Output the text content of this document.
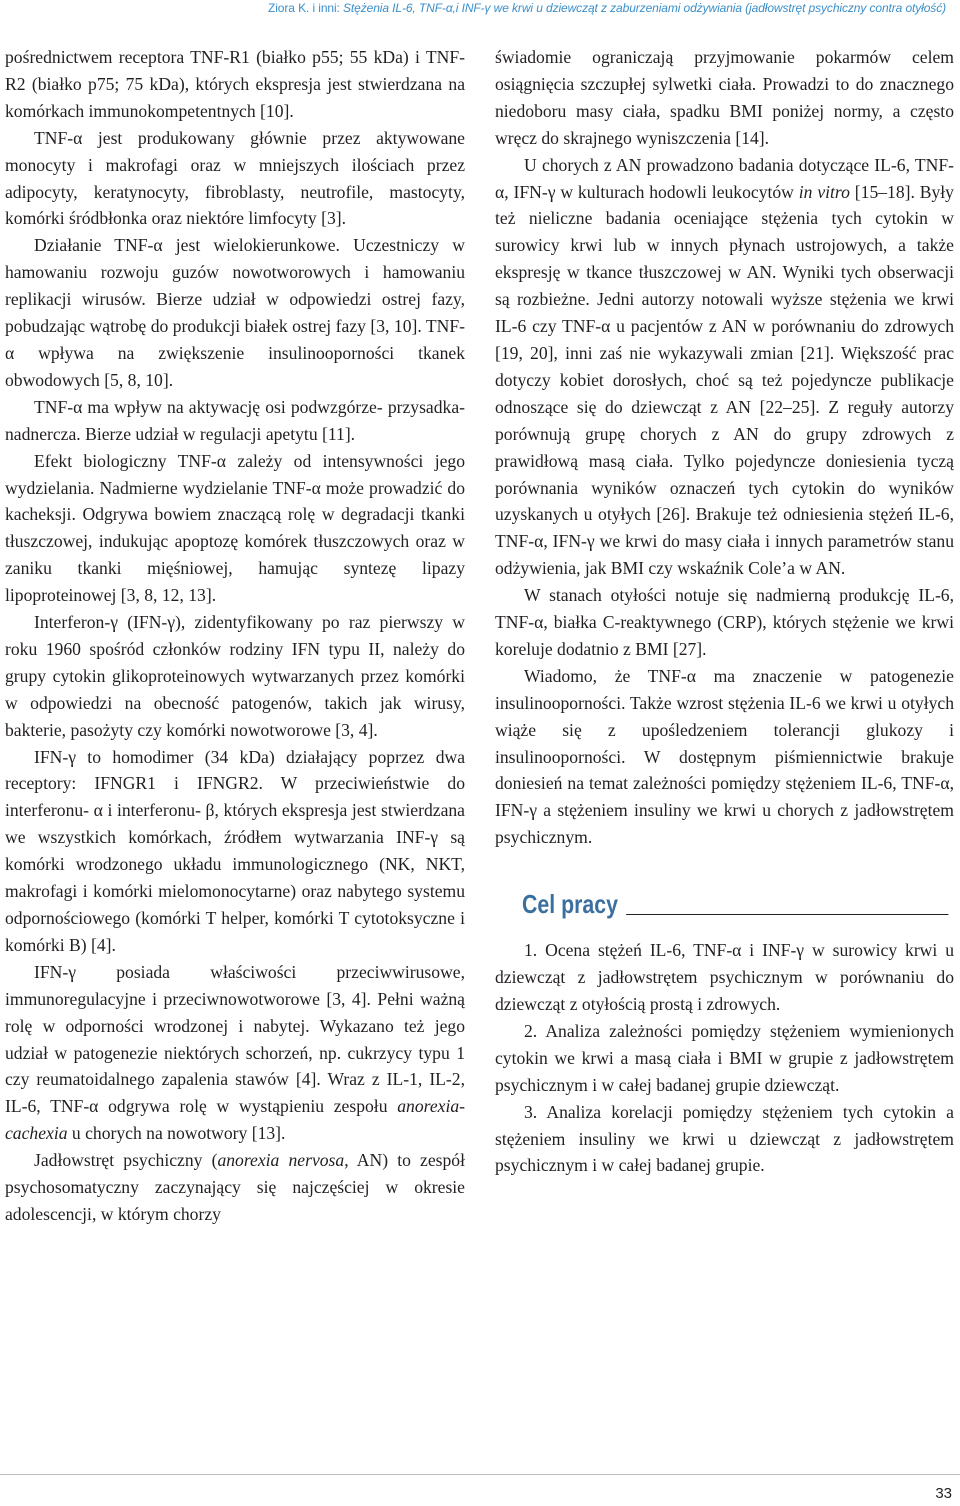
Ziora K. i inni: Stężenia IL-6, TNF-α,i INF-γ we krwi u dziewcząt z zaburzeniami odżywiania (jadłowstręt psychiczny contra otyłość)

pośrednictwem receptora TNF-R1 (białko p55; 55 kDa) i TNF-R2 (białko p75; 75 kDa), których ekspresja jest stwierdzana na komórkach immunokompetentnych [10].

TNF-α jest produkowany głównie przez aktywowane monocyty i makrofagi oraz w mniejszych ilościach przez adipocyty, keratynocyty, fibroblasty, neutrofile, mastocyty, komórki śródbłonka oraz niektóre limfocyty [3].

Działanie TNF-α jest wielokierunkowe. Uczestniczy w hamowaniu rozwoju guzów nowotworowych i hamowaniu replikacji wirusów. Bierze udział w odpowiedzi ostrej fazy, pobudzając wątrobę do produkcji białek ostrej fazy [3, 10]. TNF-α wpływa na zwiększenie insulinooporności tkanek obwodowych [5, 8, 10].

TNF-α ma wpływ na aktywację osi podwzgórze- przysadka- nadnercza. Bierze udział w regulacji apetytu [11].

Efekt biologiczny TNF-α zależy od intensywności jego wydzielania. Nadmierne wydzielanie TNF-α może prowadzić do kacheksji. Odgrywa bowiem znaczącą rolę w degradacji tkanki tłuszczowej, indukując apoptozę komórek tłuszczowych oraz w zaniku tkanki mięśniowej, hamując syntezę lipazy lipoproteinowej [3, 8, 12, 13].

Interferon-γ (IFN-γ), zidentyfikowany po raz pierwszy w roku 1960 spośród członków rodziny IFN typu II, należy do grupy cytokin glikoproteinowych wytwarzanych przez komórki w odpowiedzi na obecność patogenów, takich jak wirusy, bakterie, pasożyty czy komórki nowotworowe [3, 4].

IFN-γ to homodimer (34 kDa) działający poprzez dwa receptory: IFNGR1 i IFNGR2. W przeciwieństwie do interferonu- α i interferonu- β, których ekspresja jest stwierdzana we wszystkich komórkach, źródłem wytwarzania INF-γ są komórki wrodzonego układu immunologicznego (NK, NKT, makrofagi i komórki mielomonocytarne) oraz nabytego systemu odpornościowego (komórki T helper, komórki T cytotoksyczne i komórki B) [4].

IFN-γ posiada właściwości przeciwwirusowe, immunoregulacyjne i przeciwnowotworowe [3, 4]. Pełni ważną rolę w odporności wrodzonej i nabytej. Wykazano też jego udział w patogenezie niektórych schorzeń, np. cukrzycy typu 1 czy reumatoidalnego zapalenia stawów [4]. Wraz z IL-1, IL-2, IL-6, TNF-α odgrywa rolę w wystąpieniu zespołu anorexia-cachexia u chorych na nowotwory [13].

Jadłowstręt psychiczny (anorexia nervosa, AN) to zespół psychosomatyczny zaczynający się najczęściej w okresie adolescencji, w którym chorzy

świadomie ograniczają przyjmowanie pokarmów celem osiągnięcia szczupłej sylwetki ciała. Prowadzi to do znacznego niedoboru masy ciała, spadku BMI poniżej normy, a często wręcz do skrajnego wyniszczenia [14].

U chorych z AN prowadzono badania dotyczące IL-6, TNF-α, IFN-γ w kulturach hodowli leukocytów in vitro [15–18]. Były też nieliczne badania oceniające stężenia tych cytokin w surowicy krwi lub w innych płynach ustrojowych, a także ekspresję w tkance tłuszczowej w AN. Wyniki tych obserwacji są rozbieżne. Jedni autorzy notowali wyższe stężenia we krwi IL-6 czy TNF-α u pacjentów z AN w porównaniu do zdrowych [19, 20], inni zaś nie wykazywali zmian [21]. Większość prac dotyczy kobiet dorosłych, choć są też pojedyncze publikacje odnoszące się do dziewcząt z AN [22–25]. Z reguły autorzy porównują grupę chorych z AN do grupy zdrowych z prawidłową masą ciała. Tylko pojedyncze doniesienia tyczą porównania wyników oznaczeń tych cytokin do wyników uzyskanych u otyłych [26]. Brakuje też odniesienia stężeń IL-6, TNF-α, IFN-γ we krwi do masy ciała i innych parametrów stanu odżywienia, jak BMI czy wskaźnik Cole’a w AN.

W stanach otyłości notuje się nadmierną produkcję IL-6, TNF-α, białka C-reaktywnego (CRP), których stężenie we krwi koreluje dodatnio z BMI [27].

Wiadomo, że TNF-α ma znaczenie w patogenezie insulinooporności. Także wzrost stężenia IL-6 we krwi u otyłych wiąże się z upośledzeniem tolerancji glukozy i insulinooporności. W dostępnym piśmiennictwie brakuje doniesień na temat zależności pomiędzy stężeniem IL-6, TNF-α, IFN-γ a stężeniem insuliny we krwi u chorych z jadłowstrętem psychicznym.

Cel pracy

1. Ocena stężeń IL-6, TNF-α i INF-γ w surowicy krwi u dziewcząt z jadłowstrętem psychicznym w porównaniu do dziewcząt z otyłością prostą i zdrowych.

2. Analiza zależności pomiędzy stężeniem wymienionych cytokin we krwi a masą ciała i BMI w grupie z jadłowstrętem psychicznym i w całej badanej grupie dziewcząt.

3. Analiza korelacji pomiędzy stężeniem tych cytokin a stężeniem insuliny we krwi u dziewcząt z jadłowstrętem psychicznym i w całej badanej grupie.

33
